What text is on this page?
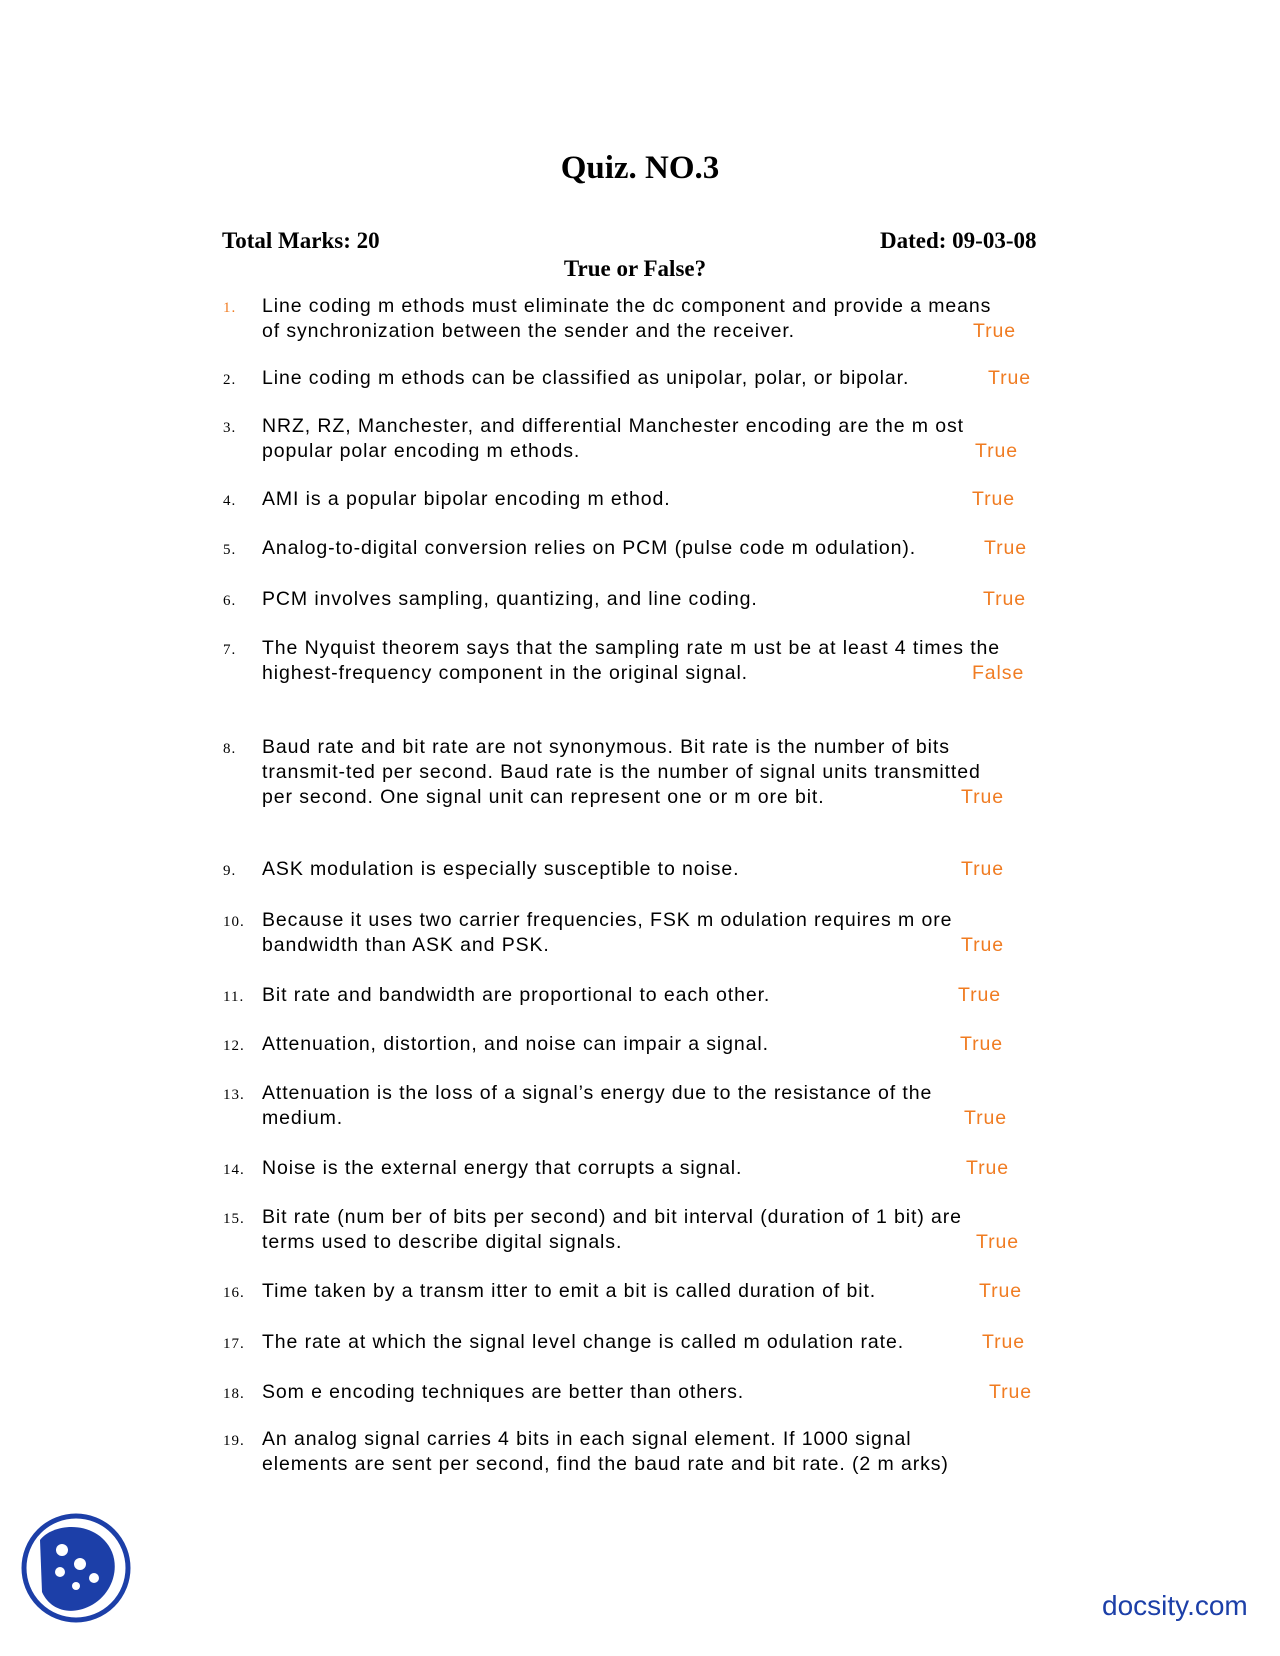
Quiz. NO.3
Total Marks: 20	Dated: 09-03-08
True or False?
1. Line coding m ethods must eliminate the dc component and provide a means
of synchronization between the sender and the receiver.	True
2. Line coding m ethods can be classified as unipolar, polar, or bipolar.	True
3. NRZ, RZ, Manchester, and differential Manchester encoding are the m ost
popular polar encoding m ethods.	True
4. AMI is a popular bipolar encoding m ethod.	True
5. Analog-to-digital conversion relies on PCM (pulse code m odulation).	True
6. PCM involves sampling, quantizing, and line coding.	True
7. The Nyquist theorem says that the sampling rate m ust be at least 4 times the
highest-frequency component in the original signal.	False
8. Baud rate and bit rate are not synonymous. Bit rate is the number of bits
transmit-ted per second. Baud rate is the number of signal units transmitted
per second. One signal unit can represent one or m ore bit.	True
9. ASK modulation is especially susceptible to noise.	True
10. Because it uses two carrier frequencies, FSK m odulation requires m ore
bandwidth than ASK and PSK.	True
11. Bit rate and bandwidth are proportional to each other.	True
12. Attenuation, distortion, and noise can impair a signal.	True
13. Attenuation is the loss of a signal’s energy due to the resistance of the
medium.	True
14. Noise is the external energy that corrupts a signal.	True
15. Bit rate (num ber of bits per second) and bit interval (duration of 1 bit) are
terms used to describe digital signals.	True
16. Time taken by a transm itter to emit a bit is called duration of bit.	True
17. The rate at which the signal level change is called m odulation rate.	True
18. Som e encoding techniques are better than others.	True
19. An analog signal carries 4 bits in each signal element. If 1000 signal
elements are sent per second, find the baud rate and bit rate. (2 m arks)
docsity.com
